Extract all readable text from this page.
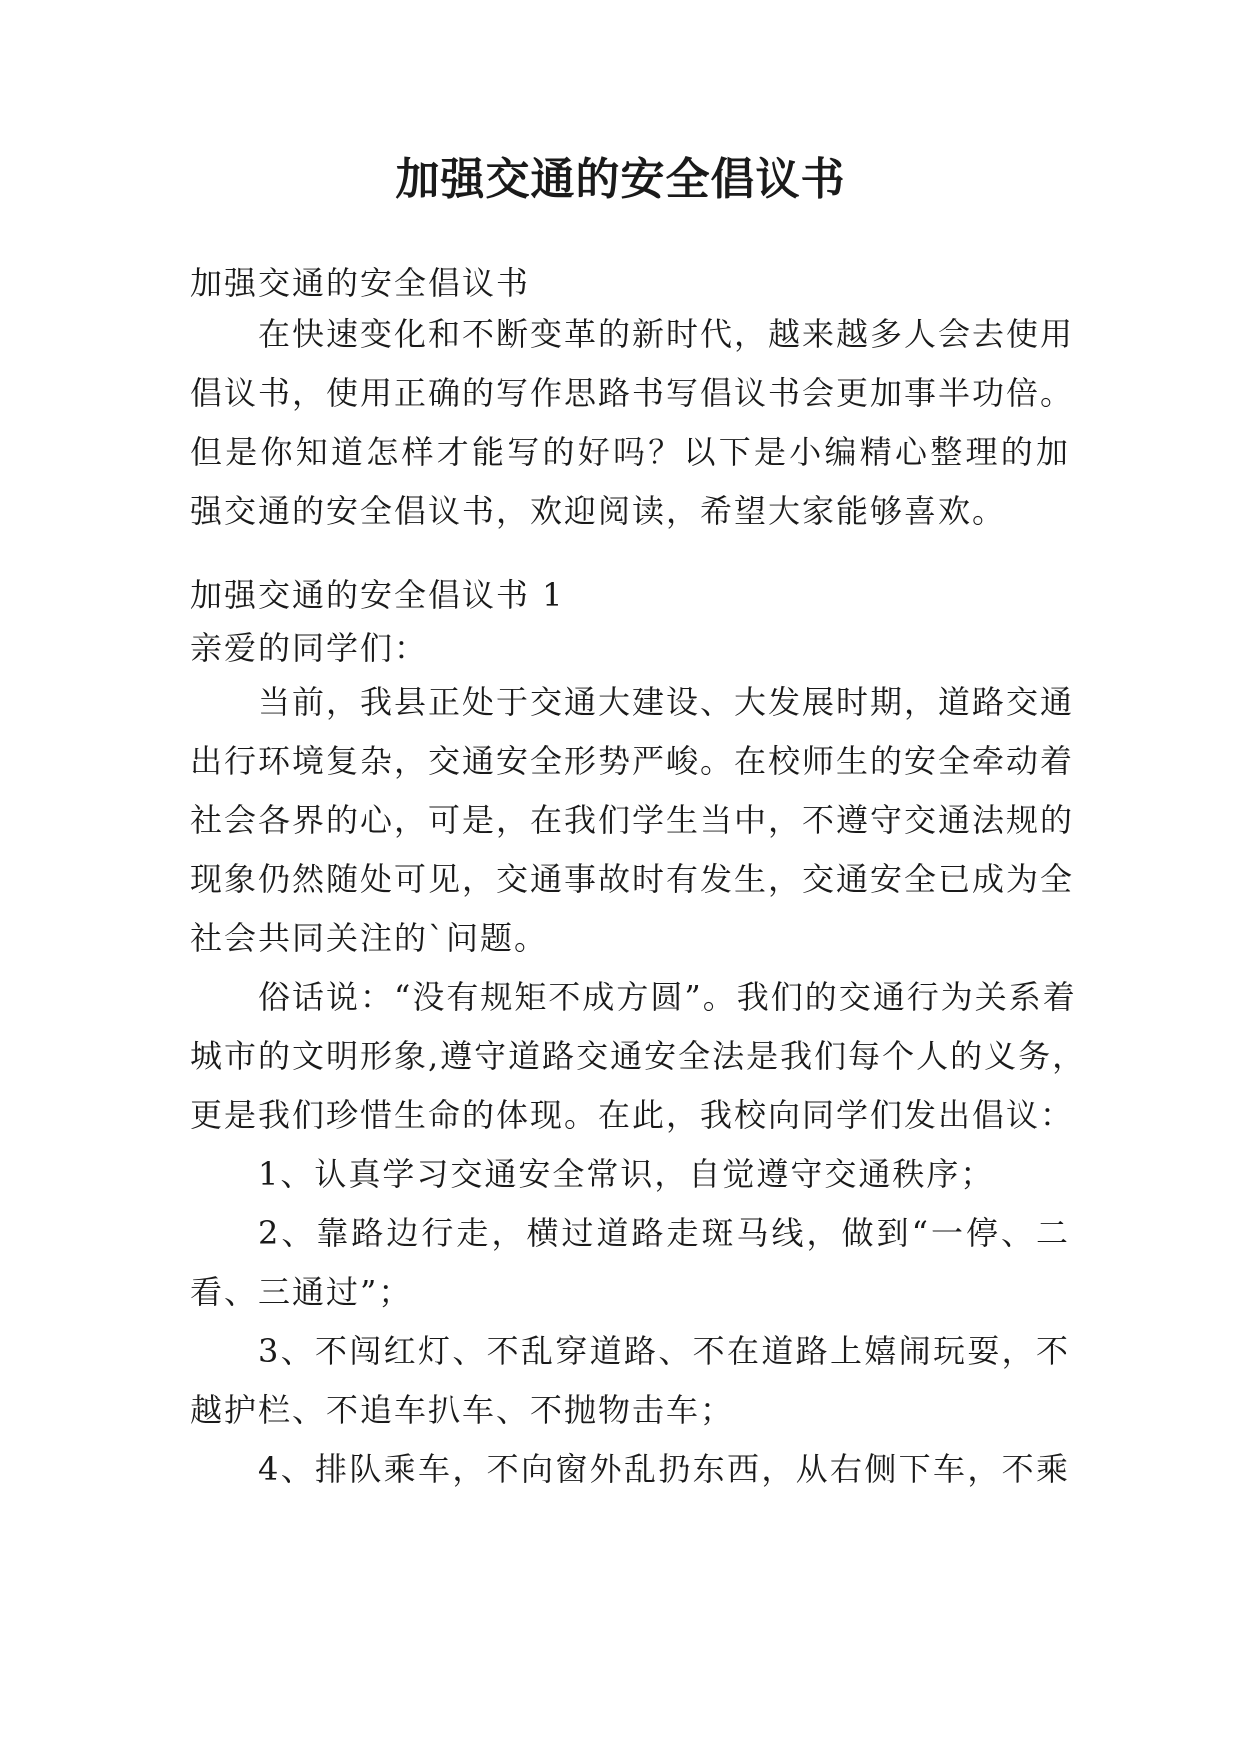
加强交通的安全倡议书
加强交通的安全倡议书
在快速变化和不断变革的新时代，越来越多人会去使用
倡议书，使用正确的写作思路书写倡议书会更加事半功倍。
但是你知道怎样才能写的好吗？以下是小编精心整理的加
强交通的安全倡议书，欢迎阅读，希望大家能够喜欢。
加强交通的安全倡议书 1
亲爱的同学们：
当前，我县正处于交通大建设、大发展时期，道路交通
出行环境复杂，交通安全形势严峻。在校师生的安全牵动着
社会各界的心，可是，在我们学生当中，不遵守交通法规的
现象仍然随处可见，交通事故时有发生，交通安全已成为全
社会共同关注的`问题。
俗话说：“没有规矩不成方圆”。我们的交通行为关系着
城市的文明形象,遵守道路交通安全法是我们每个人的义务，
更是我们珍惜生命的体现。在此，我校向同学们发出倡议：
1、认真学习交通安全常识，自觉遵守交通秩序；
2、靠路边行走，横过道路走斑马线，做到“一停、二
看、三通过”；
3、不闯红灯、不乱穿道路、不在道路上嬉闹玩耍，不
越护栏、不追车扒车、不抛物击车；
4、排队乘车，不向窗外乱扔东西，从右侧下车，不乘
